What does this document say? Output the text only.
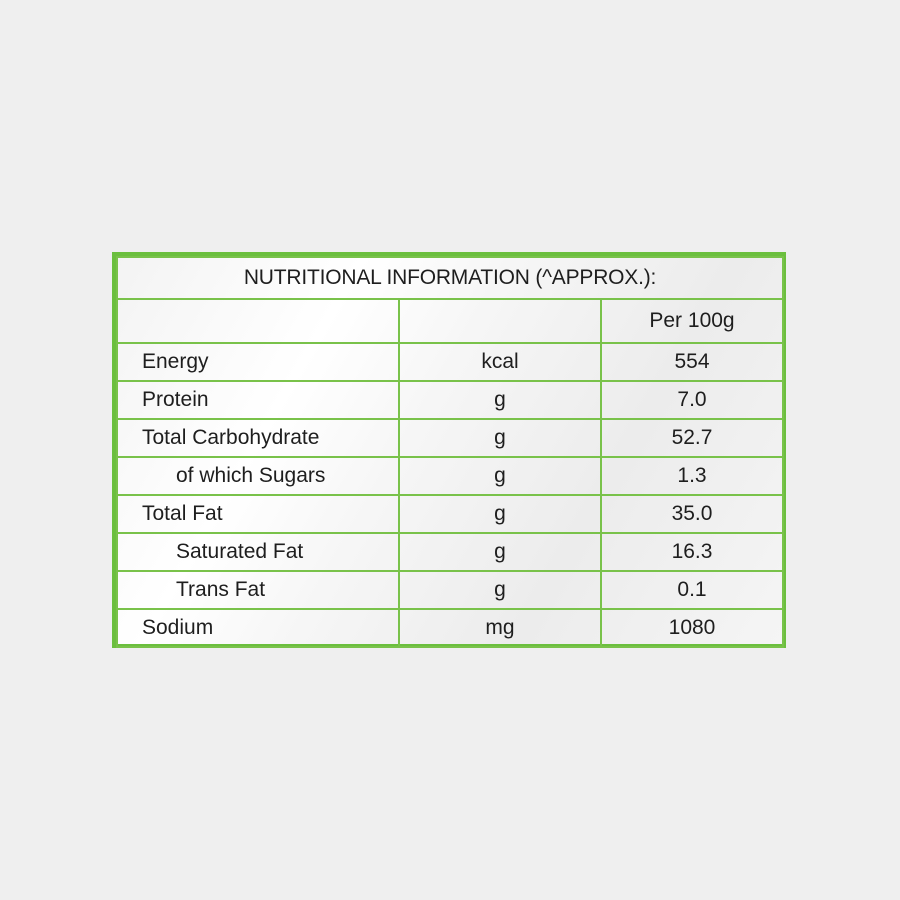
NUTRITIONAL INFORMATION (^APPROX.):		
		Per 100g
Energy	kcal	554
Protein	g	7.0
Total Carbohydrate	g	52.7
of which Sugars	g	1.3
Total Fat	g	35.0
Saturated Fat	g	16.3
Trans Fat	g	0.1
Sodium	mg	1080
